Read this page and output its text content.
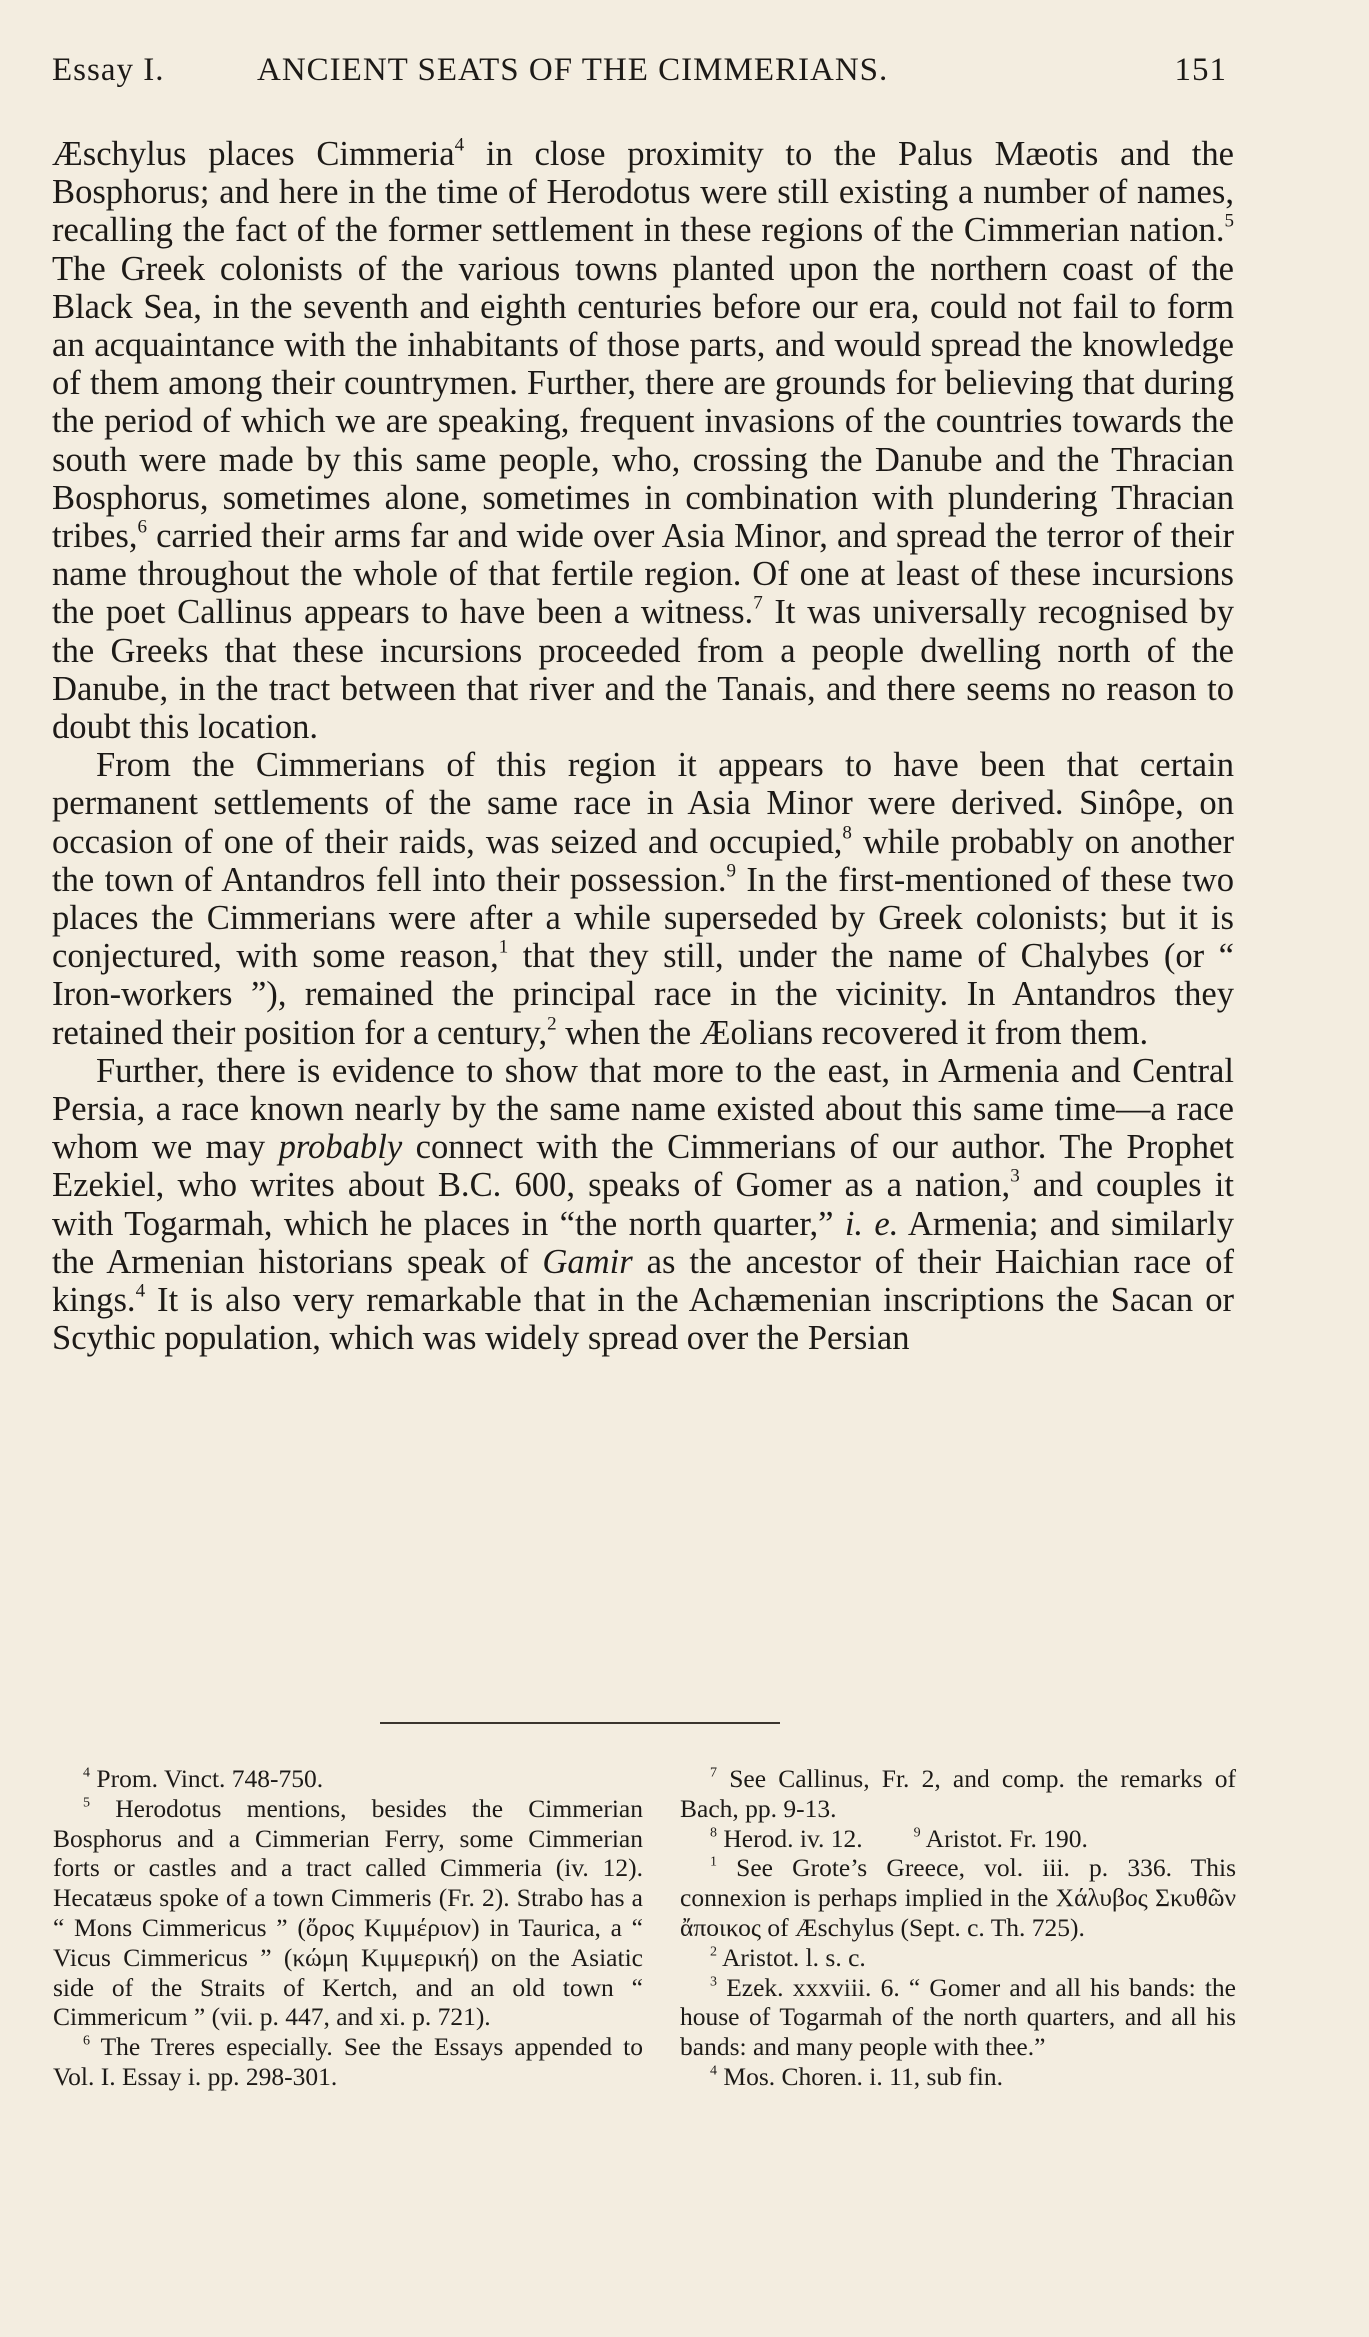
Essay I.	ANCIENT SEATS OF THE CIMMERIANS.	151

Æschylus places Cimmeria$^4$ in close proximity to the Palus Mæotis and the Bosphorus; and here in the time of Herodotus were still existing a number of names, recalling the fact of the former settlement in these regions of the Cimmerian nation.$^5$ The Greek colonists of the various towns planted upon the northern coast of the Black Sea, in the seventh and eighth centuries before our era, could not fail to form an acquaintance with the inhabitants of those parts, and would spread the knowledge of them among their countrymen. Further, there are grounds for believing that during the period of which we are speaking, frequent invasions of the countries towards the south were made by this same people, who, crossing the Danube and the Thracian Bosphorus, sometimes alone, sometimes in combination with plundering Thracian tribes,$^6$ carried their arms far and wide over Asia Minor, and spread the terror of their name throughout the whole of that fertile region. Of one at least of these incursions the poet Callinus appears to have been a witness.$^7$ It was universally recognised by the Greeks that these incursions proceeded from a people dwelling north of the Danube, in the tract between that river and the Tanais, and there seems no reason to doubt this location.

From the Cimmerians of this region it appears to have been that certain permanent settlements of the same race in Asia Minor were derived. Sinôpe, on occasion of one of their raids, was seized and occupied,$^8$ while probably on another the town of Antandros fell into their possession.$^9$ In the first-mentioned of these two places the Cimmerians were after a while superseded by Greek colonists; but it is conjectured, with some reason,$^1$ that they still, under the name of Chalybes (or “ Iron-workers ”), remained the principal race in the vicinity. In Antandros they retained their position for a century,$^2$ when the Æolians recovered it from them.

Further, there is evidence to show that more to the east, in Armenia and Central Persia, a race known nearly by the same name existed about this same time—a race whom we may probably connect with the Cimmerians of our author. The Prophet Ezekiel, who writes about B.C. 600, speaks of Gomer as a nation,$^3$ and couples it with Togarmah, which he places in “the north quarter,” i. e. Armenia; and similarly the Armenian historians speak of Gamir as the ancestor of their Haichian race of kings.$^4$ It is also very remarkable that in the Achæmenian inscriptions the Sacan or Scythic population, which was widely spread over the Persian

$^4$ Prom. Vinct. 748-750.

$^5$ Herodotus mentions, besides the Cimmerian Bosphorus and a Cimmerian Ferry, some Cimmerian forts or castles and a tract called Cimmeria (iv. 12). Hecatæus spoke of a town Cimmeris (Fr. 2). Strabo has a “ Mons Cimmericus ” (ὄρος Κιμμέριον) in Taurica, a “ Vicus Cimmericus ” (κώμη Κιμμερική) on the Asiatic side of the Straits of Kertch, and an old town “ Cimmericum ” (vii. p. 447, and xi. p. 721).

$^6$ The Treres especially. See the Essays appended to Vol. I. Essay i. pp. 298-301.

$^7$ See Callinus, Fr. 2, and comp. the remarks of Bach, pp. 9-13.

$^8$ Herod. iv. 12.  $^9$ Aristot. Fr. 190.

$^1$ See Grote’s Greece, vol. iii. p. 336. This connexion is perhaps implied in the Χάλυβος Σκυθῶν ἄποικος of Æschylus (Sept. c. Th. 725).

$^2$ Aristot. l. s. c.

$^3$ Ezek. xxxviii. 6. “ Gomer and all his bands: the house of Togarmah of the north quarters, and all his bands: and many people with thee.”

$^4$ Mos. Choren. i. 11, sub fin.
